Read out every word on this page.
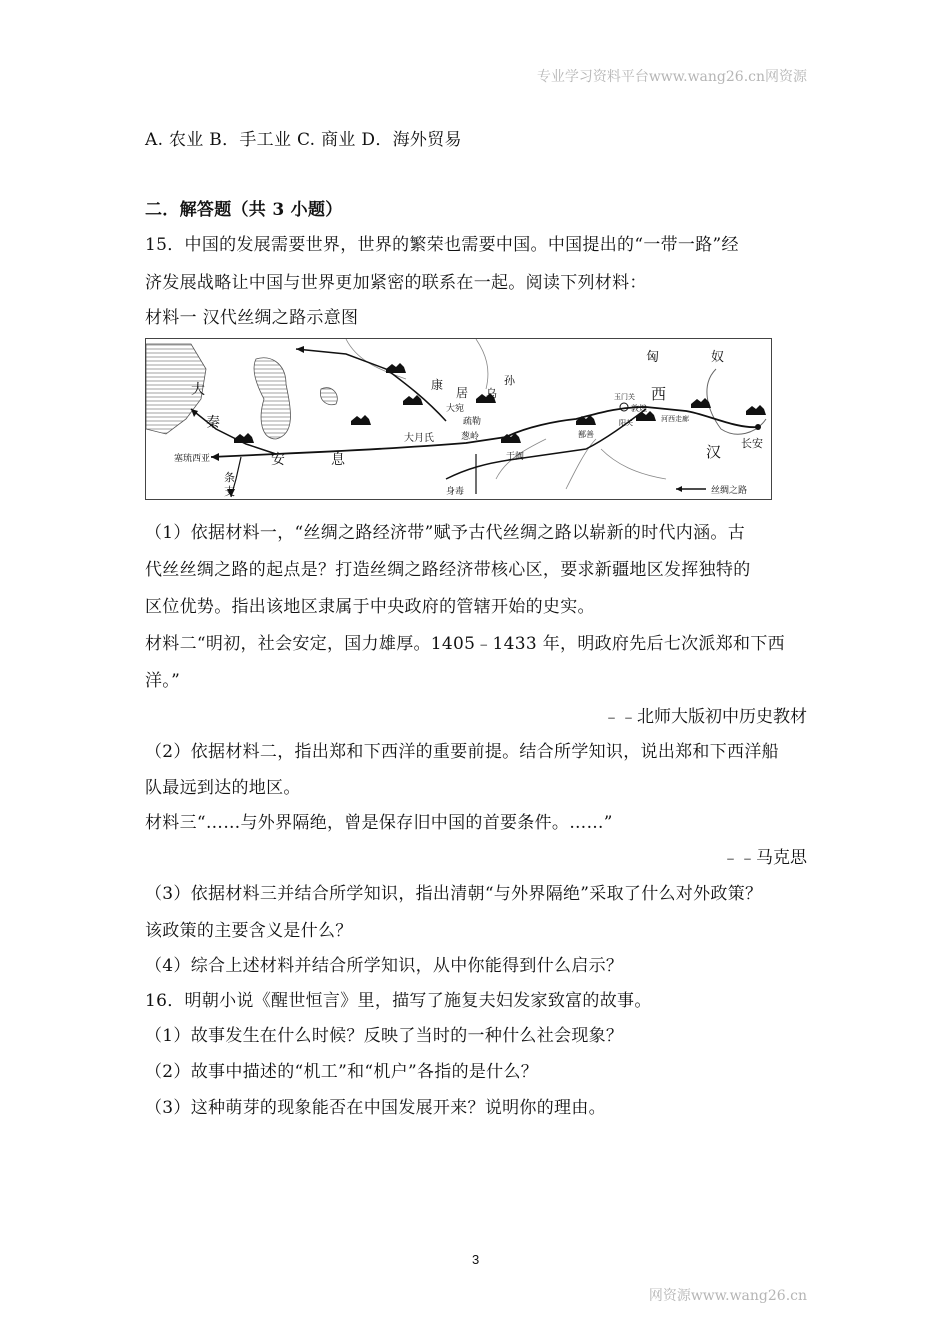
专业学习资料平台www.wang26.cn网资源
A. 农业 B．手工业 C. 商业 D．海外贸易
二．解答题（共 3 小题）
15．中国的发展需要世界，世界的繁荣也需要中国。中国提出的“一带一路”经
济发展战略让中国与世界更加紧密的联系在一起。阅读下列材料：
材料一 汉代丝绸之路示意图
匈	奴
大
秦
康
居 乌
孙
大宛
疏勒
大月氏	葱岭
玉门关
敦煌
阳关
鄯善
于阗
河西走廊
西
汉 长安
安	息
塞琉西亚
条
支	身毒	丝绸之路
（1）依据材料一，“丝绸之路经济带”赋予古代丝绸之路以崭新的时代内涵。古
代丝丝绸之路的起点是？打造丝绸之路经济带核心区，要求新疆地区发挥独特的
区位优势。指出该地区隶属于中央政府的管辖开始的史实。
材料二“明初，社会安定，国力雄厚。1405﹣1433 年，明政府先后七次派郑和下西
洋。”
﹣﹣北师大版初中历史教材
（2）依据材料二，指出郑和下西洋的重要前提。结合所学知识，说出郑和下西洋船
队最远到达的地区。
材料三“……与外界隔绝，曾是保存旧中国的首要条件。……”
﹣﹣马克思
（3）依据材料三并结合所学知识，指出清朝“与外界隔绝”采取了什么对外政策？
该政策的主要含义是什么？
（4）综合上述材料并结合所学知识，从中你能得到什么启示？
16．明朝小说《醒世恒言》里，描写了施复夫妇发家致富的故事。
（1）故事发生在什么时候？反映了当时的一种什么社会现象？
（2）故事中描述的“机工”和“机户”各指的是什么？
（3）这种萌芽的现象能否在中国发展开来？说明你的理由。
3
网资源www.wang26.cn
